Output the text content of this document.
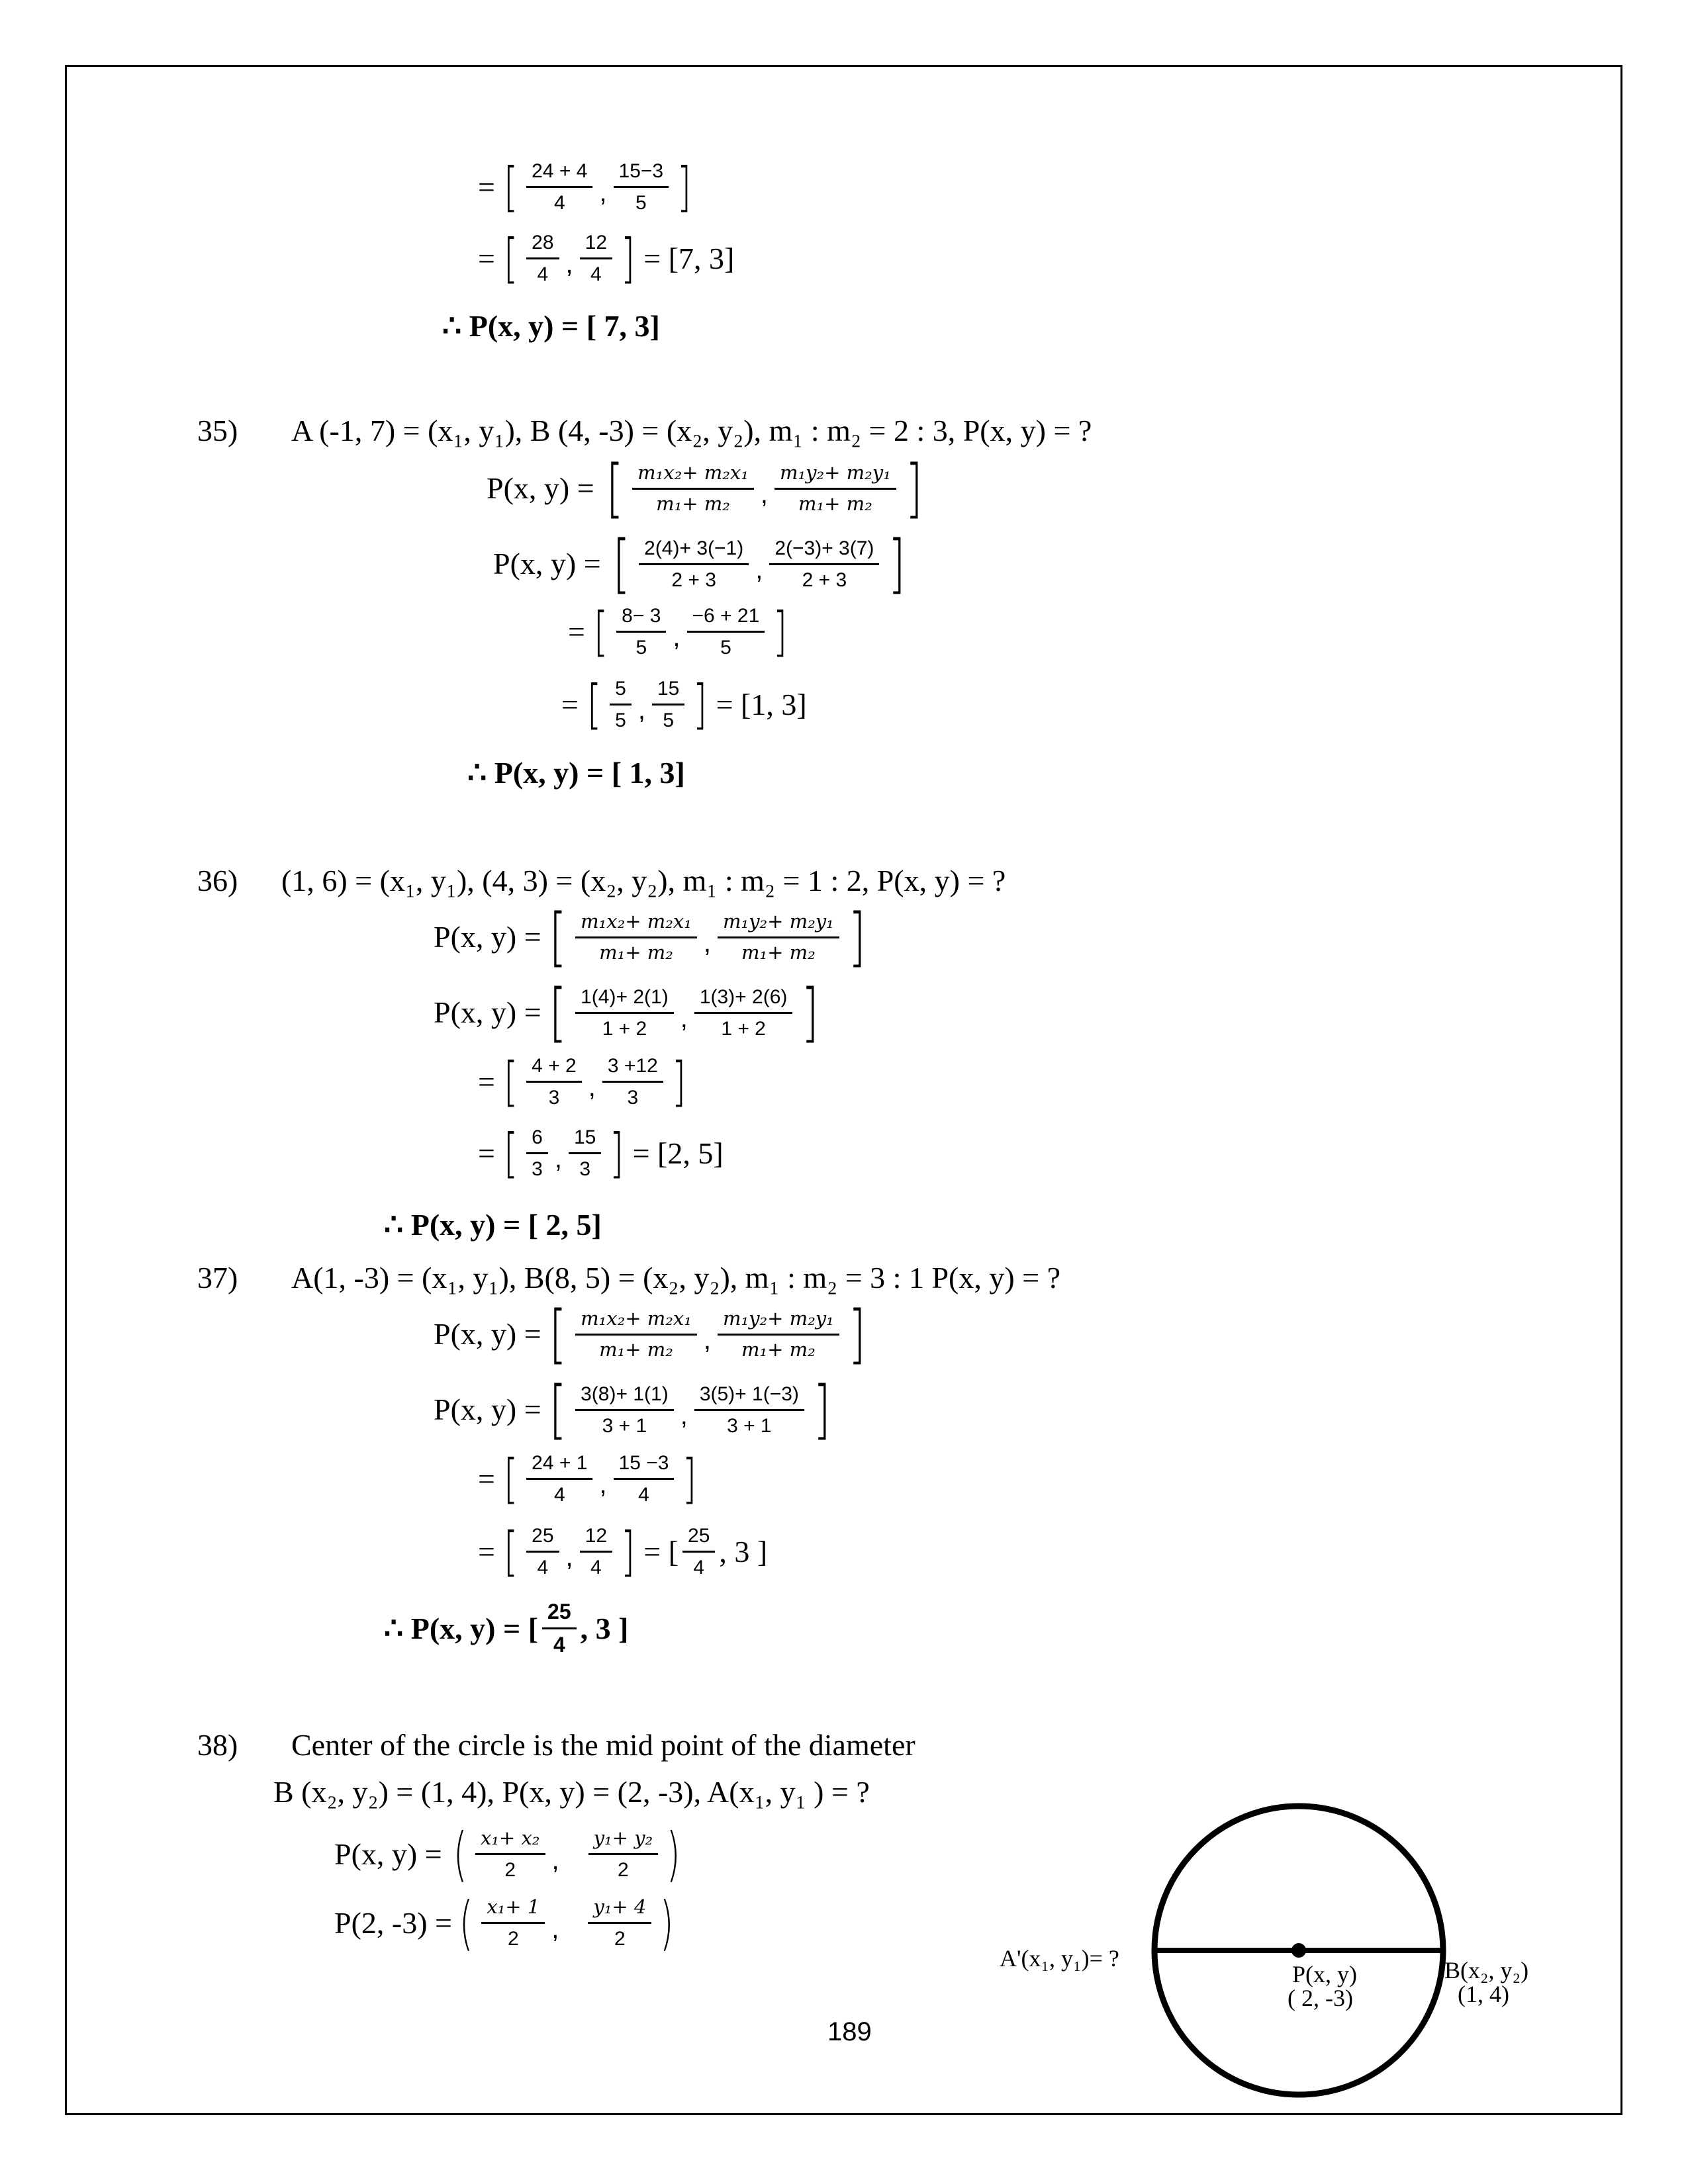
= [ $\frac{24 + 4}{4}$ , $\frac{15-3}{5}$ ]
= [ $\frac{28}{4}$ , $\frac{12}{4}$ ] = [7, 3]
∴ P(x, y) = [ 7, 3]
35) A (-1, 7) = (x₁, y₁), B (4, -3) = (x₂, y₂), m₁ : m₂ = 2 : 3, P(x, y) = ?
P(x, y) = [ $\frac{\text{m₁x₂+ m₂x₁}}{\text{m₁+ m₂}}$ , $\frac{\text{m₁y₂+ m₂y₁}}{\text{m₁+ m₂}}$ ]
P(x, y) = [ $\frac{2(4)+ 3(-1)}{2 + 3}$ , $\frac{2(-3)+ 3(7)}{2 + 3}$ ]
= [ $\frac{8- 3}{5}$ , $\frac{-6 + 21}{5}$ ]
= [ $\frac{5}{5}$ , $\frac{15}{5}$ ] = [1, 3]
∴ P(x, y) = [ 1, 3]
36) (1, 6) = (x₁, y₁), (4, 3) = (x₂, y₂), m₁ : m₂ = 1 : 2, P(x, y) = ?
P(x, y) = [ $\frac{\text{m₁x₂+ m₂x₁}}{\text{m₁+ m₂}}$ , $\frac{\text{m₁y₂+ m₂y₁}}{\text{m₁+ m₂}}$ ]
P(x, y) = [ $\frac{1(4)+ 2(1)}{1 + 2}$ , $\frac{1(3)+ 2(6)}{1 + 2}$ ]
= [ $\frac{4 + 2}{3}$ , $\frac{3 +12}{3}$ ]
= [ $\frac{6}{3}$ , $\frac{15}{3}$ ] = [2, 5]
∴ P(x, y) = [ 2, 5]
37) A(1, -3) = (x₁, y₁), B(8, 5) = (x₂, y₂), m₁ : m₂ = 3 : 1 P(x, y) = ?
P(x, y) = [ $\frac{\text{m₁x₂+ m₂x₁}}{\text{m₁+ m₂}}$ , $\frac{\text{m₁y₂+ m₂y₁}}{\text{m₁+ m₂}}$ ]
P(x, y) = [ $\frac{3(8)+ 1(1)}{3 + 1}$ , $\frac{3(5)+ 1(-3)}{3 + 1}$ ]
= [ $\frac{24 + 1}{4}$ , $\frac{15 -3}{4}$ ]
= [ $\frac{25}{4}$ , $\frac{12}{4}$ ] = [ $\frac{25}{4}$ , 3 ]
∴ P(x, y) = [ $\frac{25}{4}$ , 3 ]
38) Center of the circle is the mid point of the diameter
B (x₂, y₂) = (1, 4), P(x, y) = (2, -3), A(x₁, y₁ ) = ?
P(x, y) = ( $\frac{\text{x₁+ x₂}}{2}$ , $\frac{\text{y₁+ y₂}}{2}$ )
P(2, -3) = ( $\frac{\text{x₁+ 1}}{2}$ , $\frac{\text{y₁+ 4}}{2}$ )
189
A'(x₁, y₁)= ?
P(x, y)
( 2, -3)
B(x₂, y₂)
(1, 4)
